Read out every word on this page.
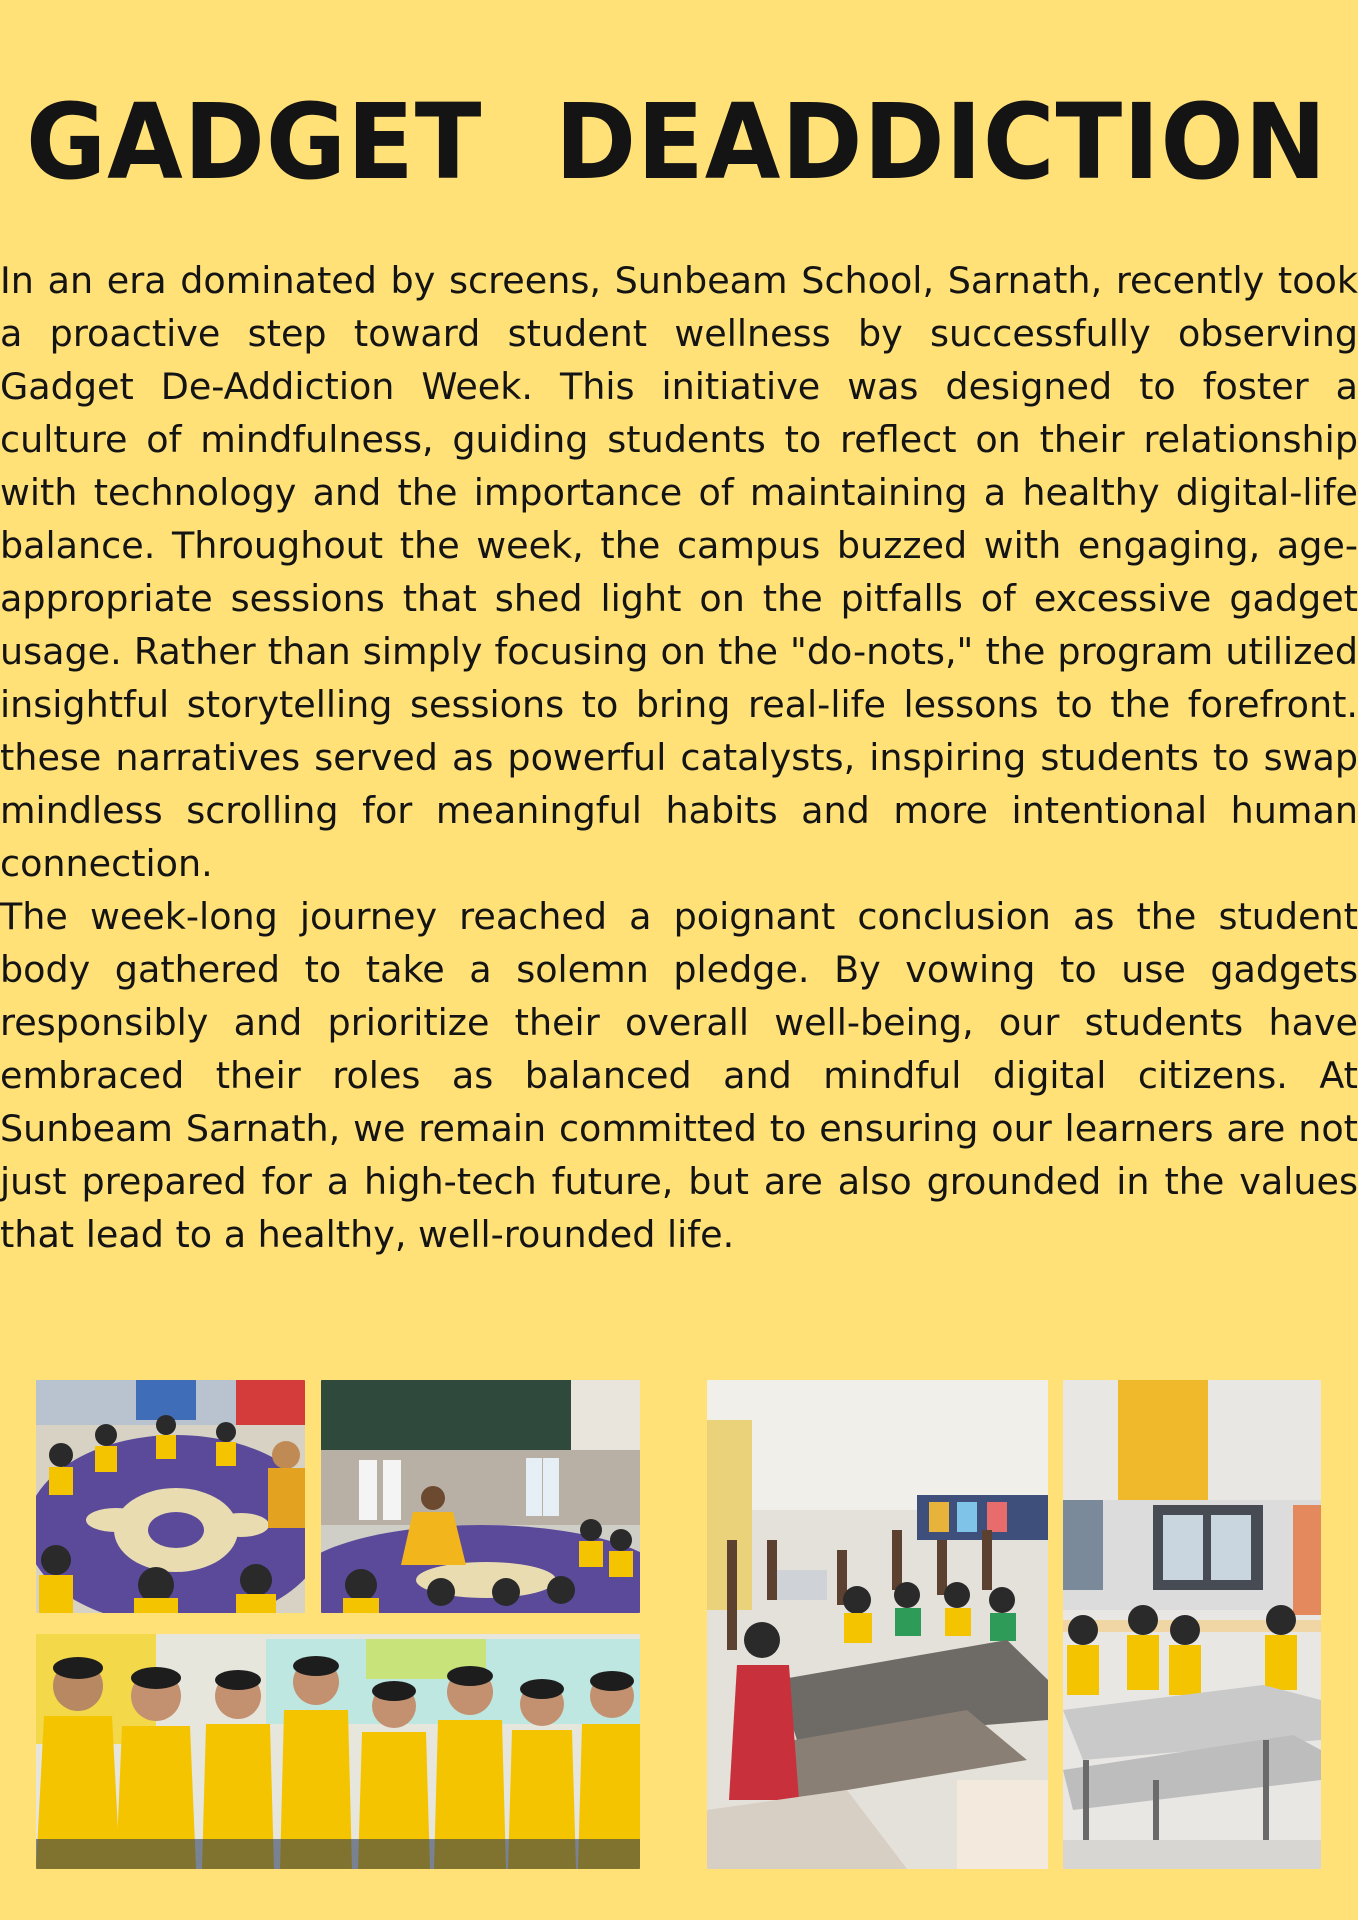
GADGET DEADDICTION

In an era dominated by screens, Sunbeam School, Sarnath, recently took a proactive step toward student wellness by successfully observing Gadget De-Addiction Week. This initiative was designed to foster a culture of mindfulness, guiding students to reflect on their relationship with technology and the importance of maintaining a healthy digital-life balance. Throughout the week, the campus buzzed with engaging, age-appropriate sessions that shed light on the pitfalls of excessive gadget usage. Rather than simply focusing on the "do-nots," the program utilized insightful storytelling sessions to bring real-life lessons to the forefront. these narratives served as powerful catalysts, inspiring students to swap mindless scrolling for meaningful habits and more intentional human connection.

The week-long journey reached a poignant conclusion as the student body gathered to take a solemn pledge. By vowing to use gadgets responsibly and prioritize their overall well-being, our students have embraced their roles as balanced and mindful digital citizens. At Sunbeam Sarnath, we remain committed to ensuring our learners are not just prepared for a high-tech future, but are also grounded in the values that lead to a healthy, well-rounded life.
